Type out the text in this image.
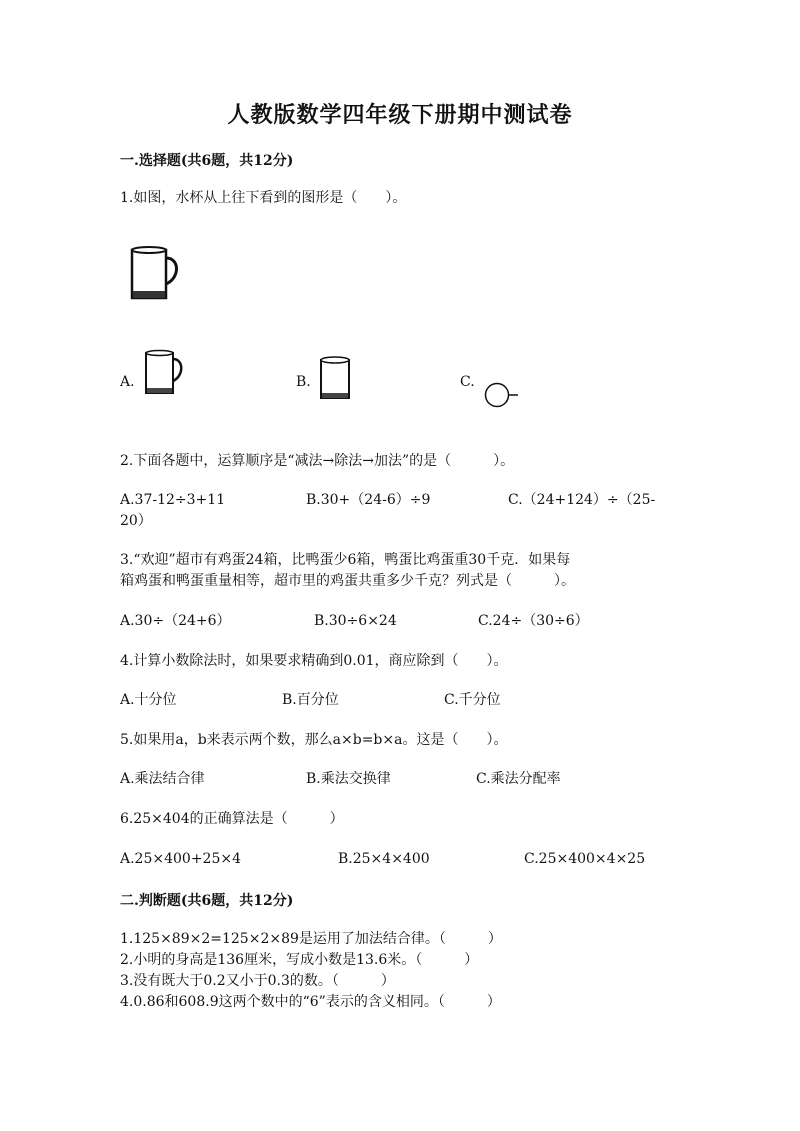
人教版数学四年级下册期中测试卷
一.选择题(共6题，共12分)
1.如图，水杯从上往下看到的图形是（　　）。
A.	B.	C.
2.下面各题中，运算顺序是“减法→除法→加法”的是（　　　）。
A.37-12÷3+11	B.30+（24-6）÷9	C.（24+124）÷（25-
20）
3.“欢迎”超市有鸡蛋24箱，比鸭蛋少6箱，鸭蛋比鸡蛋重30千克．如果每
箱鸡蛋和鸭蛋重量相等，超市里的鸡蛋共重多少千克？列式是（　　　）。
A.30÷（24+6）	B.30÷6×24	C.24÷（30÷6）
4.计算小数除法时，如果要求精确到0.01，商应除到（　　）。
A.十分位	B.百分位	C.千分位
5.如果用a，b来表示两个数，那么a×b=b×a。这是（　　）。
A.乘法结合律	B.乘法交换律	C.乘法分配率
6.25×404的正确算法是（　　　）
A.25×400+25×4	B.25×4×400	C.25×400×4×25
二.判断题(共6题，共12分)
1.125×89×2=125×2×89是运用了加法结合律。（　　　）
2.小明的身高是136厘米，写成小数是13.6米。（　　　）
3.没有既大于0.2又小于0.3的数。（　　　）
4.0.86和608.9这两个数中的“6”表示的含义相同。（　　　）
